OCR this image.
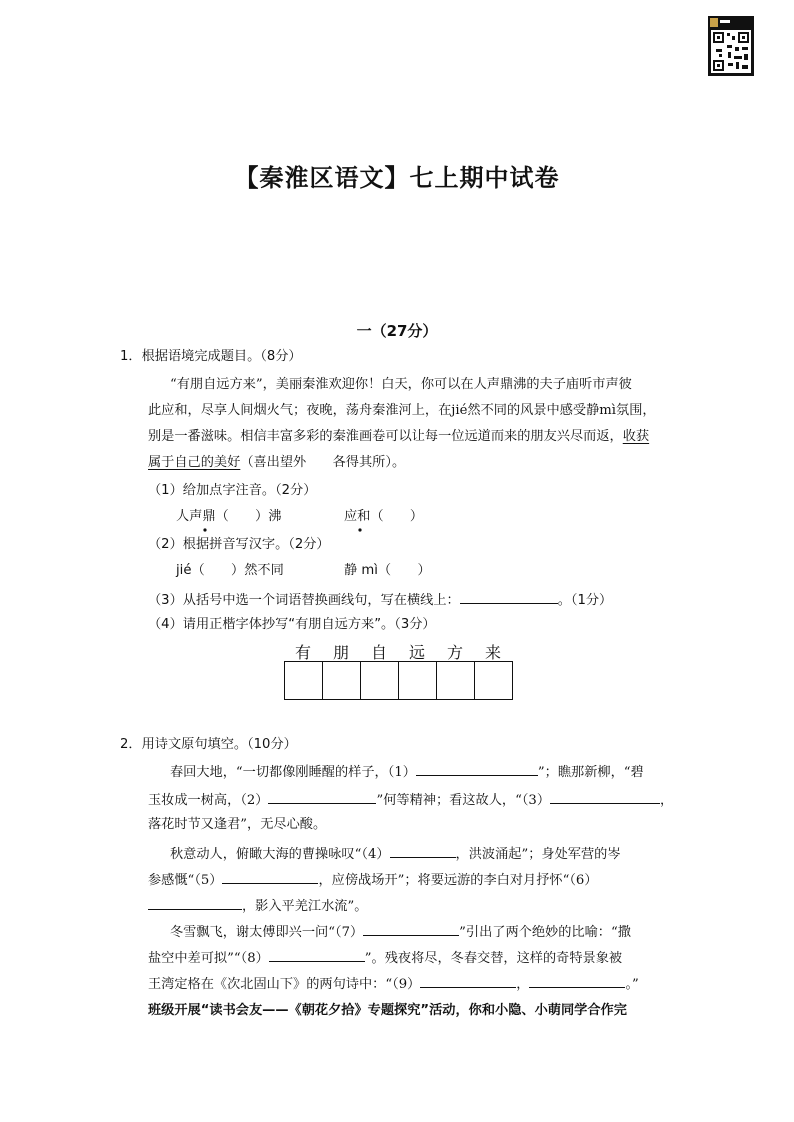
【秦淮区语文】七上期中试卷
一（27分）
1．根据语境完成题目。（8分）
“有朋自远方来”，美丽秦淮欢迎你！白天，你可以在人声鼎沸的夫子庙听市声彼
此应和，尽享人间烟火气；夜晚，荡舟秦淮河上，在jié然不同的风景中感受静mì氛围，
别是一番滋味。相信丰富多彩的秦淮画卷可以让每一位远道而来的朋友兴尽而返，收获
属于自己的美好（喜出望外　　各得其所）。
（1）给加点字注音。（2分）
人声鼎（　　）沸	应和（　　）
（2）根据拼音写汉字。（2分）
jié（　　）然不同	静 mì（　　）
（3）从括号中选一个词语替换画线句，写在横线上：	。（1分）
（4）请用正楷字体抄写“有朋自远方来”。（3分）
有	朋	自	远	方	来
2．用诗文原句填空。（10分）
春回大地，“一切都像刚睡醒的样子，（1）	”；瞧那新柳，“碧
玉妆成一树高，（2）	”何等精神；看这故人，“（3）	，
落花时节又逢君”，无尽心酸。
秋意动人，俯瞰大海的曹操咏叹“（4）	，洪波涌起”；身处军营的岑
参感慨“（5）	，应傍战场开”；将要远游的李白对月抒怀“（6）
，影入平羌江水流”。
冬雪飘飞，谢太傅即兴一问“（7）	”引出了两个绝妙的比喻：“撒
盐空中差可拟”“（8）	”。残夜将尽，冬春交替，这样的奇特景象被
王湾定格在《次北固山下》的两句诗中：“（9）	，	。”
班级开展“读书会友——《朝花夕拾》专题探究”活动，你和小隐、小萌同学合作完
